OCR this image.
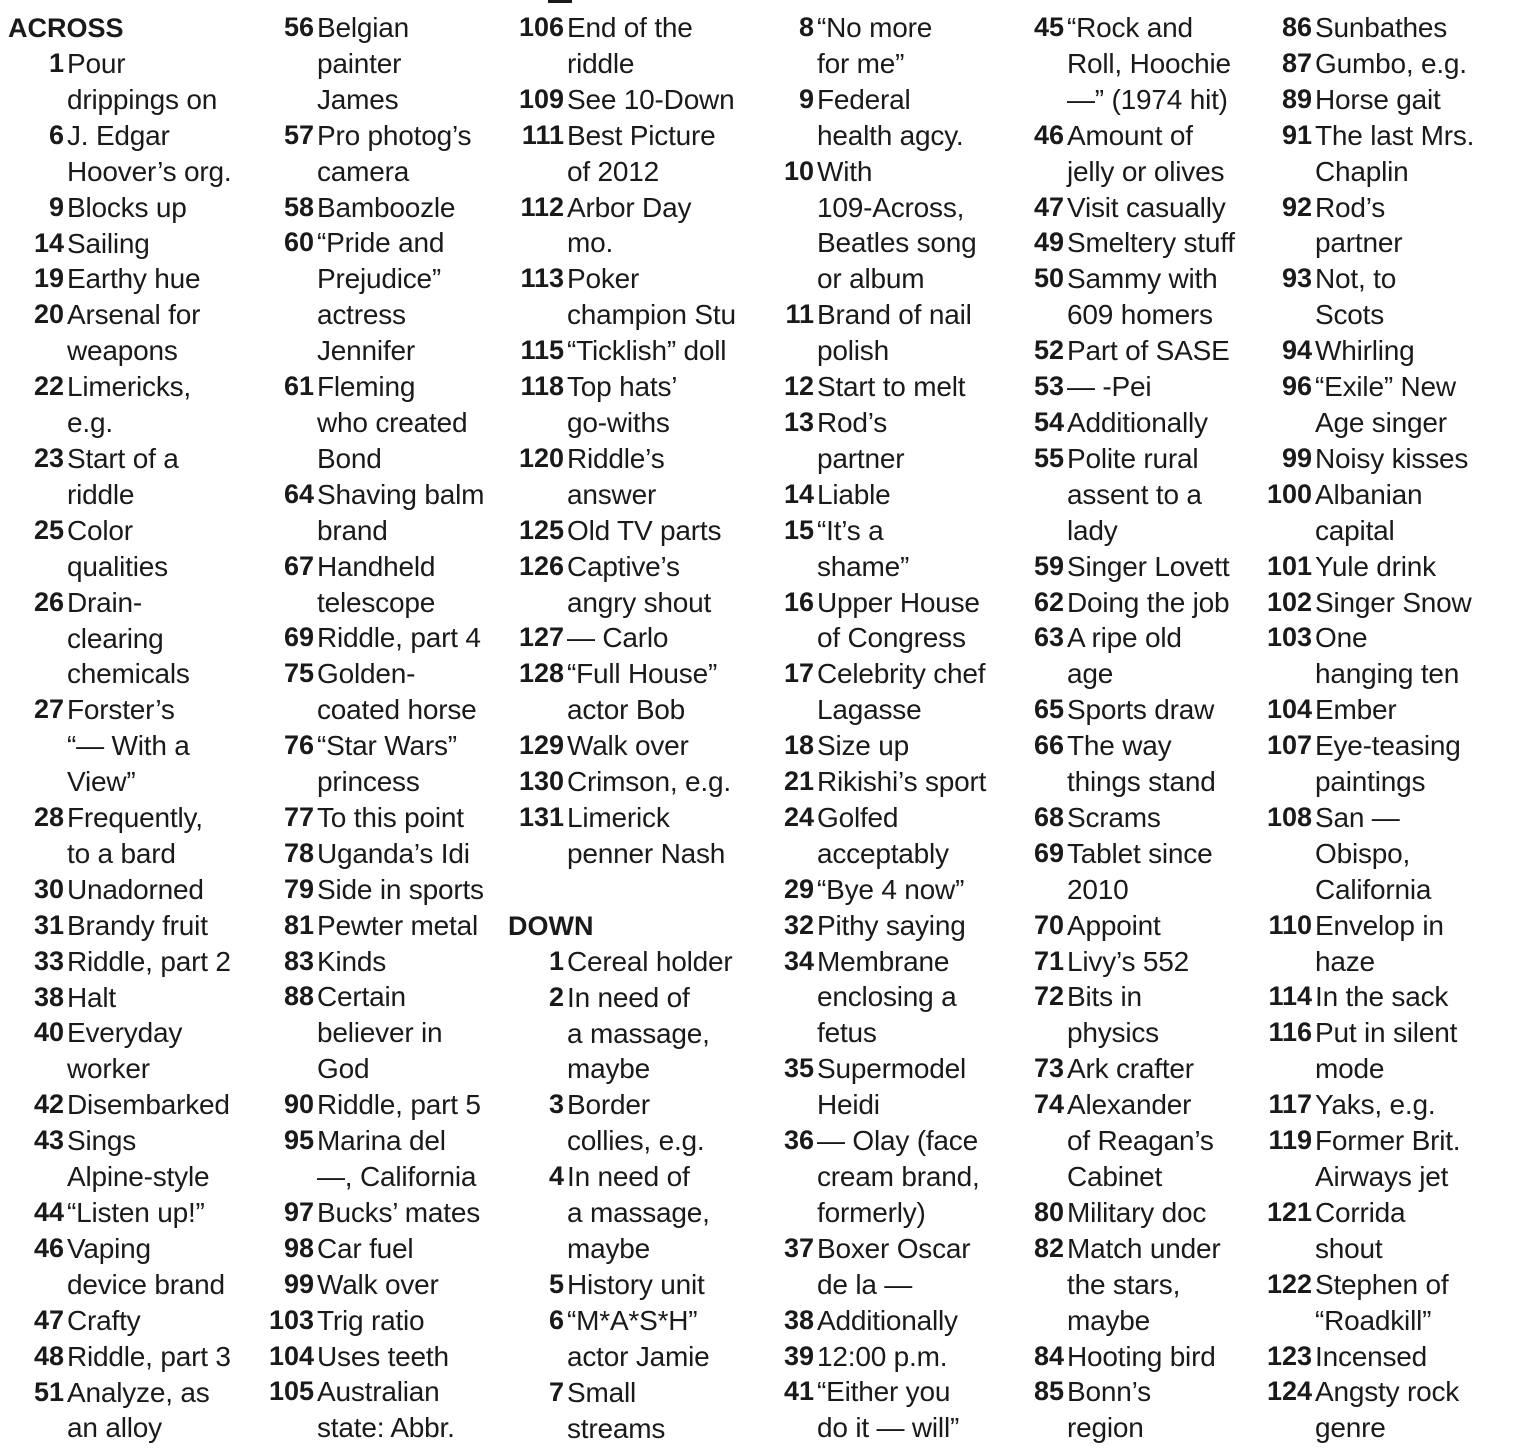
ACROSS
1 Pour
drippings on
6 J. Edgar
Hoover’s org.
9 Blocks up
14 Sailing
19 Earthy hue
20 Arsenal for
weapons
22 Limericks,
e.g.
23 Start of a
riddle
25 Color
qualities
26 Drain-
clearing
chemicals
27 Forster’s
“— With a
View”
28 Frequently,
to a bard
30 Unadorned
31 Brandy fruit
33 Riddle, part 2
38 Halt
40 Everyday
worker
42 Disembarked
43 Sings
Alpine-style
44 “Listen up!”
46 Vaping
device brand
47 Crafty
48 Riddle, part 3
51 Analyze, as
an alloy
56 Belgian
painter
James
57 Pro photog’s
camera
58 Bamboozle
60 “Pride and
Prejudice”
actress
Jennifer
61 Fleming
who created
Bond
64 Shaving balm
brand
67 Handheld
telescope
69 Riddle, part 4
75 Golden-
coated horse
76 “Star Wars”
princess
77 To this point
78 Uganda’s Idi
79 Side in sports
81 Pewter metal
83 Kinds
88 Certain
believer in
God
90 Riddle, part 5
95 Marina del
—, California
97 Bucks’ mates
98 Car fuel
99 Walk over
103 Trig ratio
104 Uses teeth
105 Australian
state: Abbr.
106 End of the
riddle
109 See 10-Down
111 Best Picture
of 2012
112 Arbor Day
mo.
113 Poker
champion Stu
115 “Ticklish” doll
118 Top hats’
go-withs
120 Riddle’s
answer
125 Old TV parts
126 Captive’s
angry shout
127 — Carlo
128 “Full House”
actor Bob
129 Walk over
130 Crimson, e.g.
131 Limerick
penner Nash
DOWN
1 Cereal holder
2 In need of
a massage,
maybe
3 Border
collies, e.g.
4 In need of
a massage,
maybe
5 History unit
6 “M*A*S*H”
actor Jamie
7 Small
streams
8 “No more
for me”
9 Federal
health agcy.
10 With
109-Across,
Beatles song
or album
11 Brand of nail
polish
12 Start to melt
13 Rod’s
partner
14 Liable
15 “It’s a
shame”
16 Upper House
of Congress
17 Celebrity chef
Lagasse
18 Size up
21 Rikishi’s sport
24 Golfed
acceptably
29 “Bye 4 now”
32 Pithy saying
34 Membrane
enclosing a
fetus
35 Supermodel
Heidi
36 — Olay (face
cream brand,
formerly)
37 Boxer Oscar
de la —
38 Additionally
39 12:00 p.m.
41 “Either you
do it — will”
45 “Rock and
Roll, Hoochie
—” (1974 hit)
46 Amount of
jelly or olives
47 Visit casually
49 Smeltery stuff
50 Sammy with
609 homers
52 Part of SASE
53 — -Pei
54 Additionally
55 Polite rural
assent to a
lady
59 Singer Lovett
62 Doing the job
63 A ripe old
age
65 Sports draw
66 The way
things stand
68 Scrams
69 Tablet since
2010
70 Appoint
71 Livy’s 552
72 Bits in
physics
73 Ark crafter
74 Alexander
of Reagan’s
Cabinet
80 Military doc
82 Match under
the stars,
maybe
84 Hooting bird
85 Bonn’s
region
86 Sunbathes
87 Gumbo, e.g.
89 Horse gait
91 The last Mrs.
Chaplin
92 Rod’s
partner
93 Not, to
Scots
94 Whirling
96 “Exile” New
Age singer
99 Noisy kisses
100 Albanian
capital
101 Yule drink
102 Singer Snow
103 One
hanging ten
104 Ember
107 Eye-teasing
paintings
108 San —
Obispo,
California
110 Envelop in
haze
114 In the sack
116 Put in silent
mode
117 Yaks, e.g.
119 Former Brit.
Airways jet
121 Corrida
shout
122 Stephen of
“Roadkill”
123 Incensed
124 Angsty rock
genre
